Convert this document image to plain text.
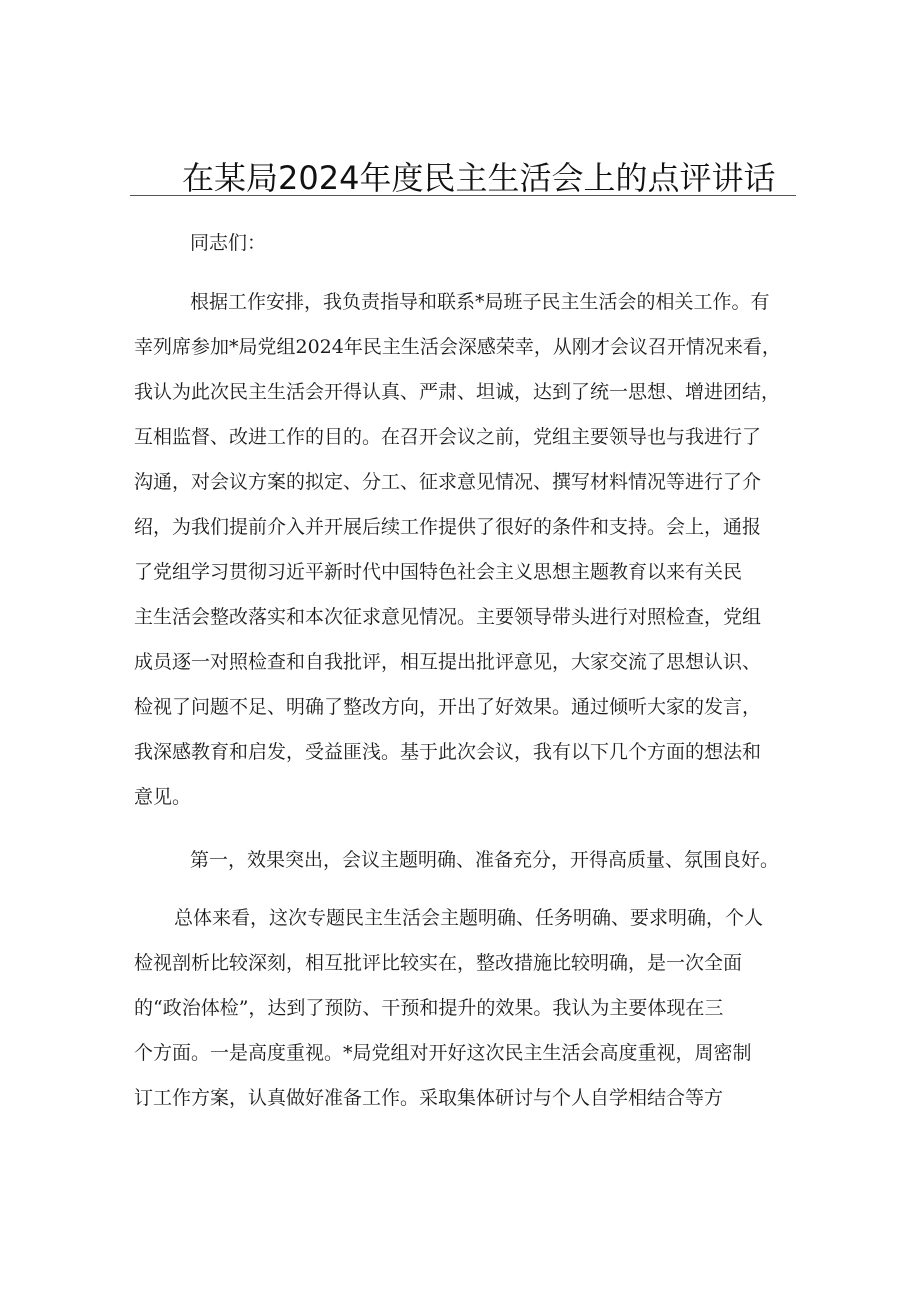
在某局2024年度民主生活会上的点评讲话

同志们：

根据工作安排，我负责指导和联系*局班子民主生活会的相关工作。有

幸列席参加*局党组2024年民主生活会深感荣幸，从刚才会议召开情况来看，

我认为此次民主生活会开得认真、严肃、坦诚，达到了统一思想、增进团结，

互相监督、改进工作的目的。在召开会议之前，党组主要领导也与我进行了

沟通，对会议方案的拟定、分工、征求意见情况、撰写材料情况等进行了介

绍，为我们提前介入并开展后续工作提供了很好的条件和支持。会上，通报

了党组学习贯彻习近平新时代中国特色社会主义思想主题教育以来有关民

主生活会整改落实和本次征求意见情况。主要领导带头进行对照检查，党组

成员逐一对照检查和自我批评，相互提出批评意见，大家交流了思想认识、

检视了问题不足、明确了整改方向，开出了好效果。通过倾听大家的发言，

我深感教育和启发，受益匪浅。基于此次会议，我有以下几个方面的想法和

意见。

第一，效果突出，会议主题明确、准备充分，开得高质量、氛围良好。

总体来看，这次专题民主生活会主题明确、任务明确、要求明确，个人

检视剖析比较深刻，相互批评比较实在，整改措施比较明确，是一次全面

的“政治体检”，达到了预防、干预和提升的效果。我认为主要体现在三

个方面。一是高度重视。*局党组对开好这次民主生活会高度重视，周密制

订工作方案，认真做好准备工作。采取集体研讨与个人自学相结合等方
